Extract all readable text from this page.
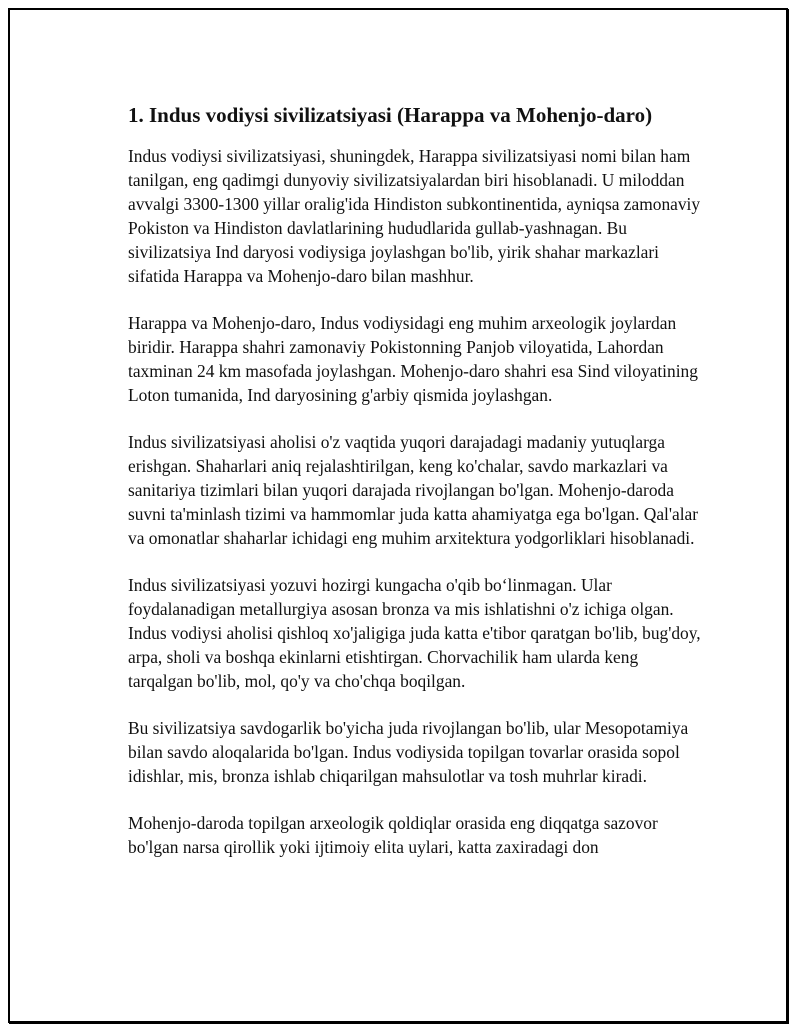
1. Indus vodiysi sivilizatsiyasi (Harappa va Mohenjo-daro)

Indus vodiysi sivilizatsiyasi, shuningdek, Harappa sivilizatsiyasi nomi bilan ham tanilgan, eng qadimgi dunyoviy sivilizatsiyalardan biri hisoblanadi. U miloddan avvalgi 3300-1300 yillar oralig'ida Hindiston subkontinentida, ayniqsa zamonaviy Pokiston va Hindiston davlatlarining hududlarida gullab-yashnagan. Bu sivilizatsiya Ind daryosi vodiysiga joylashgan bo'lib, yirik shahar markazlari sifatida Harappa va Mohenjo-daro bilan mashhur.

Harappa va Mohenjo-daro, Indus vodiysidagi eng muhim arxeologik joylardan biridir. Harappa shahri zamonaviy Pokistonning Panjob viloyatida, Lahordan taxminan 24 km masofada joylashgan. Mohenjo-daro shahri esa Sind viloyatining Loton tumanida, Ind daryosining g'arbiy qismida joylashgan.

Indus sivilizatsiyasi aholisi o'z vaqtida yuqori darajadagi madaniy yutuqlarga erishgan. Shaharlari aniq rejalashtirilgan, keng ko'chalar, savdo markazlari va sanitariya tizimlari bilan yuqori darajada rivojlangan bo'lgan. Mohenjo-daroda suvni ta'minlash tizimi va hammomlar juda katta ahamiyatga ega bo'lgan. Qal'alar va omonatlar shaharlar ichidagi eng muhim arxitektura yodgorliklari hisoblanadi.

Indus sivilizatsiyasi yozuvi hozirgi kungacha o'qib bo‘linmagan. Ular foydalanadigan metallurgiya asosan bronza va mis ishlatishni o'z ichiga olgan. Indus vodiysi aholisi qishloq xo'jaligiga juda katta e'tibor qaratgan bo'lib, bug'doy, arpa, sholi va boshqa ekinlarni etishtirgan. Chorvachilik ham ularda keng tarqalgan bo'lib, mol, qo'y va cho'chqa boqilgan.

Bu sivilizatsiya savdogarlik bo'yicha juda rivojlangan bo'lib, ular Mesopotamiya bilan savdo aloqalarida bo'lgan. Indus vodiysida topilgan tovarlar orasida sopol idishlar, mis, bronza ishlab chiqarilgan mahsulotlar va tosh muhrlar kiradi.

Mohenjo-daroda topilgan arxeologik qoldiqlar orasida eng diqqatga sazovor bo'lgan narsa qirollik yoki ijtimoiy elita uylari, katta zaxiradagi don
